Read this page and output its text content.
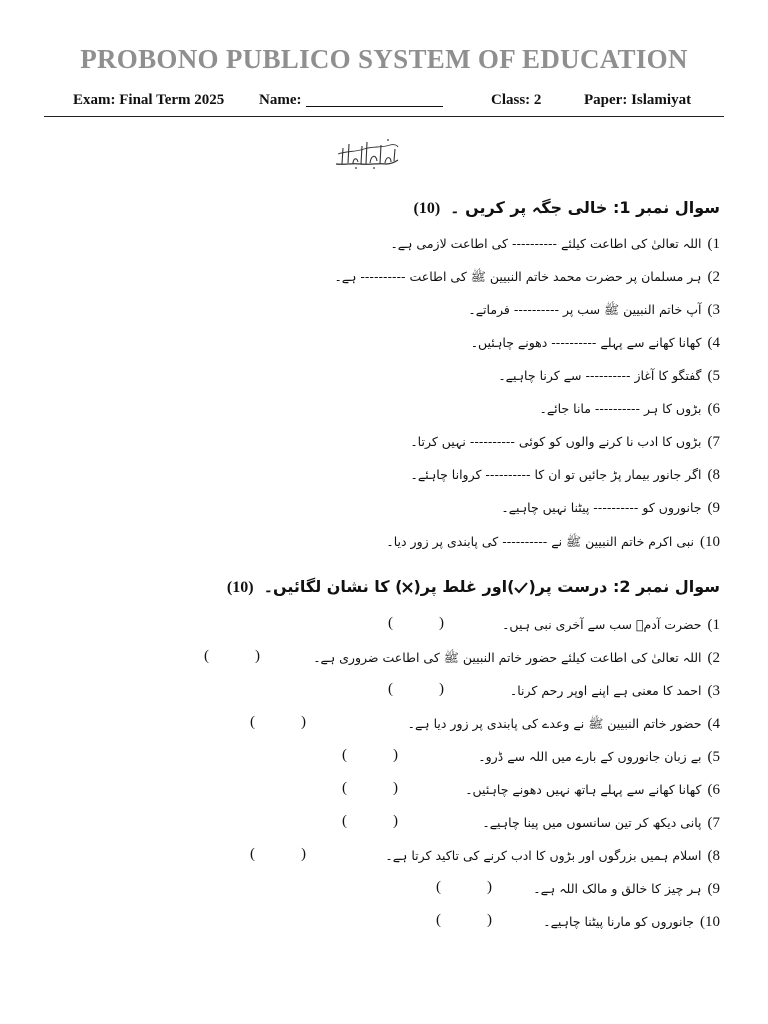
PROBONO PUBLICO SYSTEM OF EDUCATION
Exam: Final Term 2025 Name:	Class: 2	Paper: Islamiyat
سوال نمبر 1: خالی جگہ پر کریں ۔(10)
1)اللہ تعالیٰ کی اطاعت کیلئے ---------- کی اطاعت لازمی ہے۔
2)ہر مسلمان پر حضرت محمد خاتم النبیین ﷺ کی اطاعت ---------- ہے۔
3)آپ خاتم النبیین ﷺ سب پر ---------- فرماتے۔
4)کھانا کھانے سے پہلے ---------- دھونے چاہئیں۔
5)گفتگو کا آغاز ---------- سے کرنا چاہیے۔
6)بڑوں کا ہر ---------- مانا جائے۔
7)بڑوں کا ادب نا کرنے والوں کو کوئی ---------- نہیں کرتا۔
8)اگر جانور بیمار پڑ جائیں تو ان کا ---------- کروانا چاہئے۔
9)جانوروں کو ---------- پیٹنا نہیں چاہیے۔
10)نبی اکرم خاتم النبیین ﷺ نے ---------- کی پابندی پر زور دیا۔
سوال نمبر 2: درست پر()اور غلط پر() کا نشان لگائیں۔(10)
1)حضرت آدمؑ سب سے آخری نبی ہیں۔
(	)
2)اللہ تعالیٰ کی اطاعت کیلئے حضور خاتم النبیین ﷺ کی اطاعت ضروری ہے۔
(	)
3)احمد کا معنی ہے اپنے اوپر رحم کرنا۔
(	)
4)حضور خاتم النبیین ﷺ نے وعدے کی پابندی پر زور دیا ہے۔
(	)
5)بے زبان جانوروں کے بارے میں اللہ سے ڈرو۔
(	)
6)کھانا کھانے سے پہلے ہاتھ نہیں دھونے چاہئیں۔
(	)
7)پانی دیکھ کر تین سانسوں میں پینا چاہیے۔
(	)
8)اسلام ہمیں بزرگوں اور بڑوں کا ادب کرنے کی تاکید کرتا ہے۔
(	)
9)ہر چیز کا خالق و مالک اللہ ہے۔
(	)
10)جانوروں کو مارنا پیٹنا چاہیے۔
(	)
